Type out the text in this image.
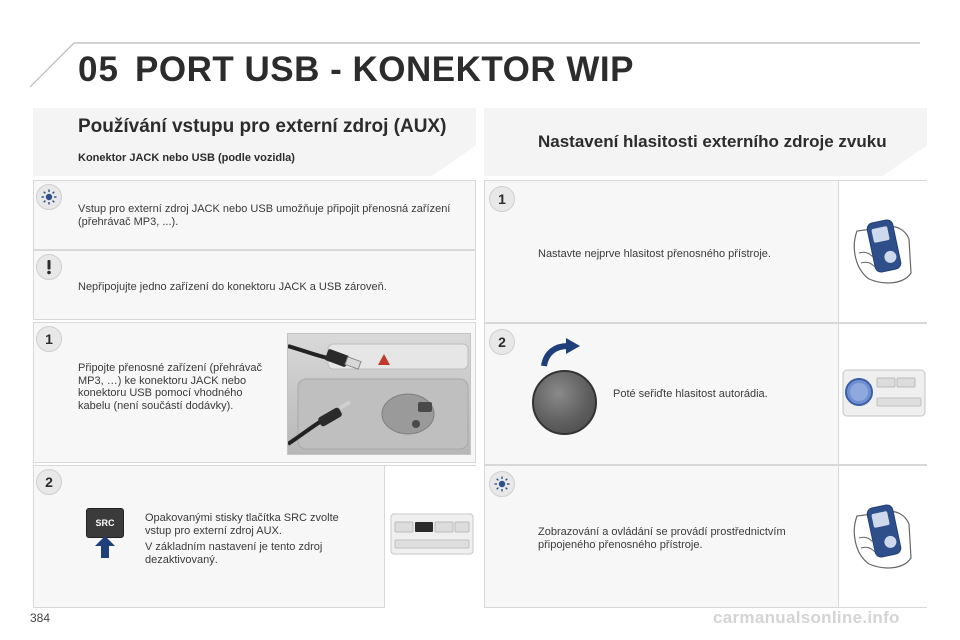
05 PORT USB - KONEKTOR WIP
Používání vstupu pro externí zdroj (AUX)
Konektor JACK nebo USB (podle vozidla)
Nastavení hlasitosti externího zdroje zvuku
Vstup pro externí zdroj JACK nebo USB umožňuje připojit přenosná zařízení (přehrávač MP3, ...).
Nepřipojujte jedno zařízení do konektoru JACK a USB zároveň.
1
Připojte přenosné zařízení (přehrávač MP3, …) ke konektoru JACK nebo konektoru USB pomocí vhodného kabelu (není součástí dodávky).
2
SRC	Opakovanými stisky tlačítka SRC zvolte vstup pro externí zdroj AUX.
V základním nastavení je tento zdroj dezaktivovaný.
1
Nastavte nejprve hlasitost přenosného přístroje.
2
Poté seřiďte hlasitost autorádia.
Zobrazování a ovládání se provádí prostřednictvím připojeného přenosného přístroje.
384	carmanualsonline.info
